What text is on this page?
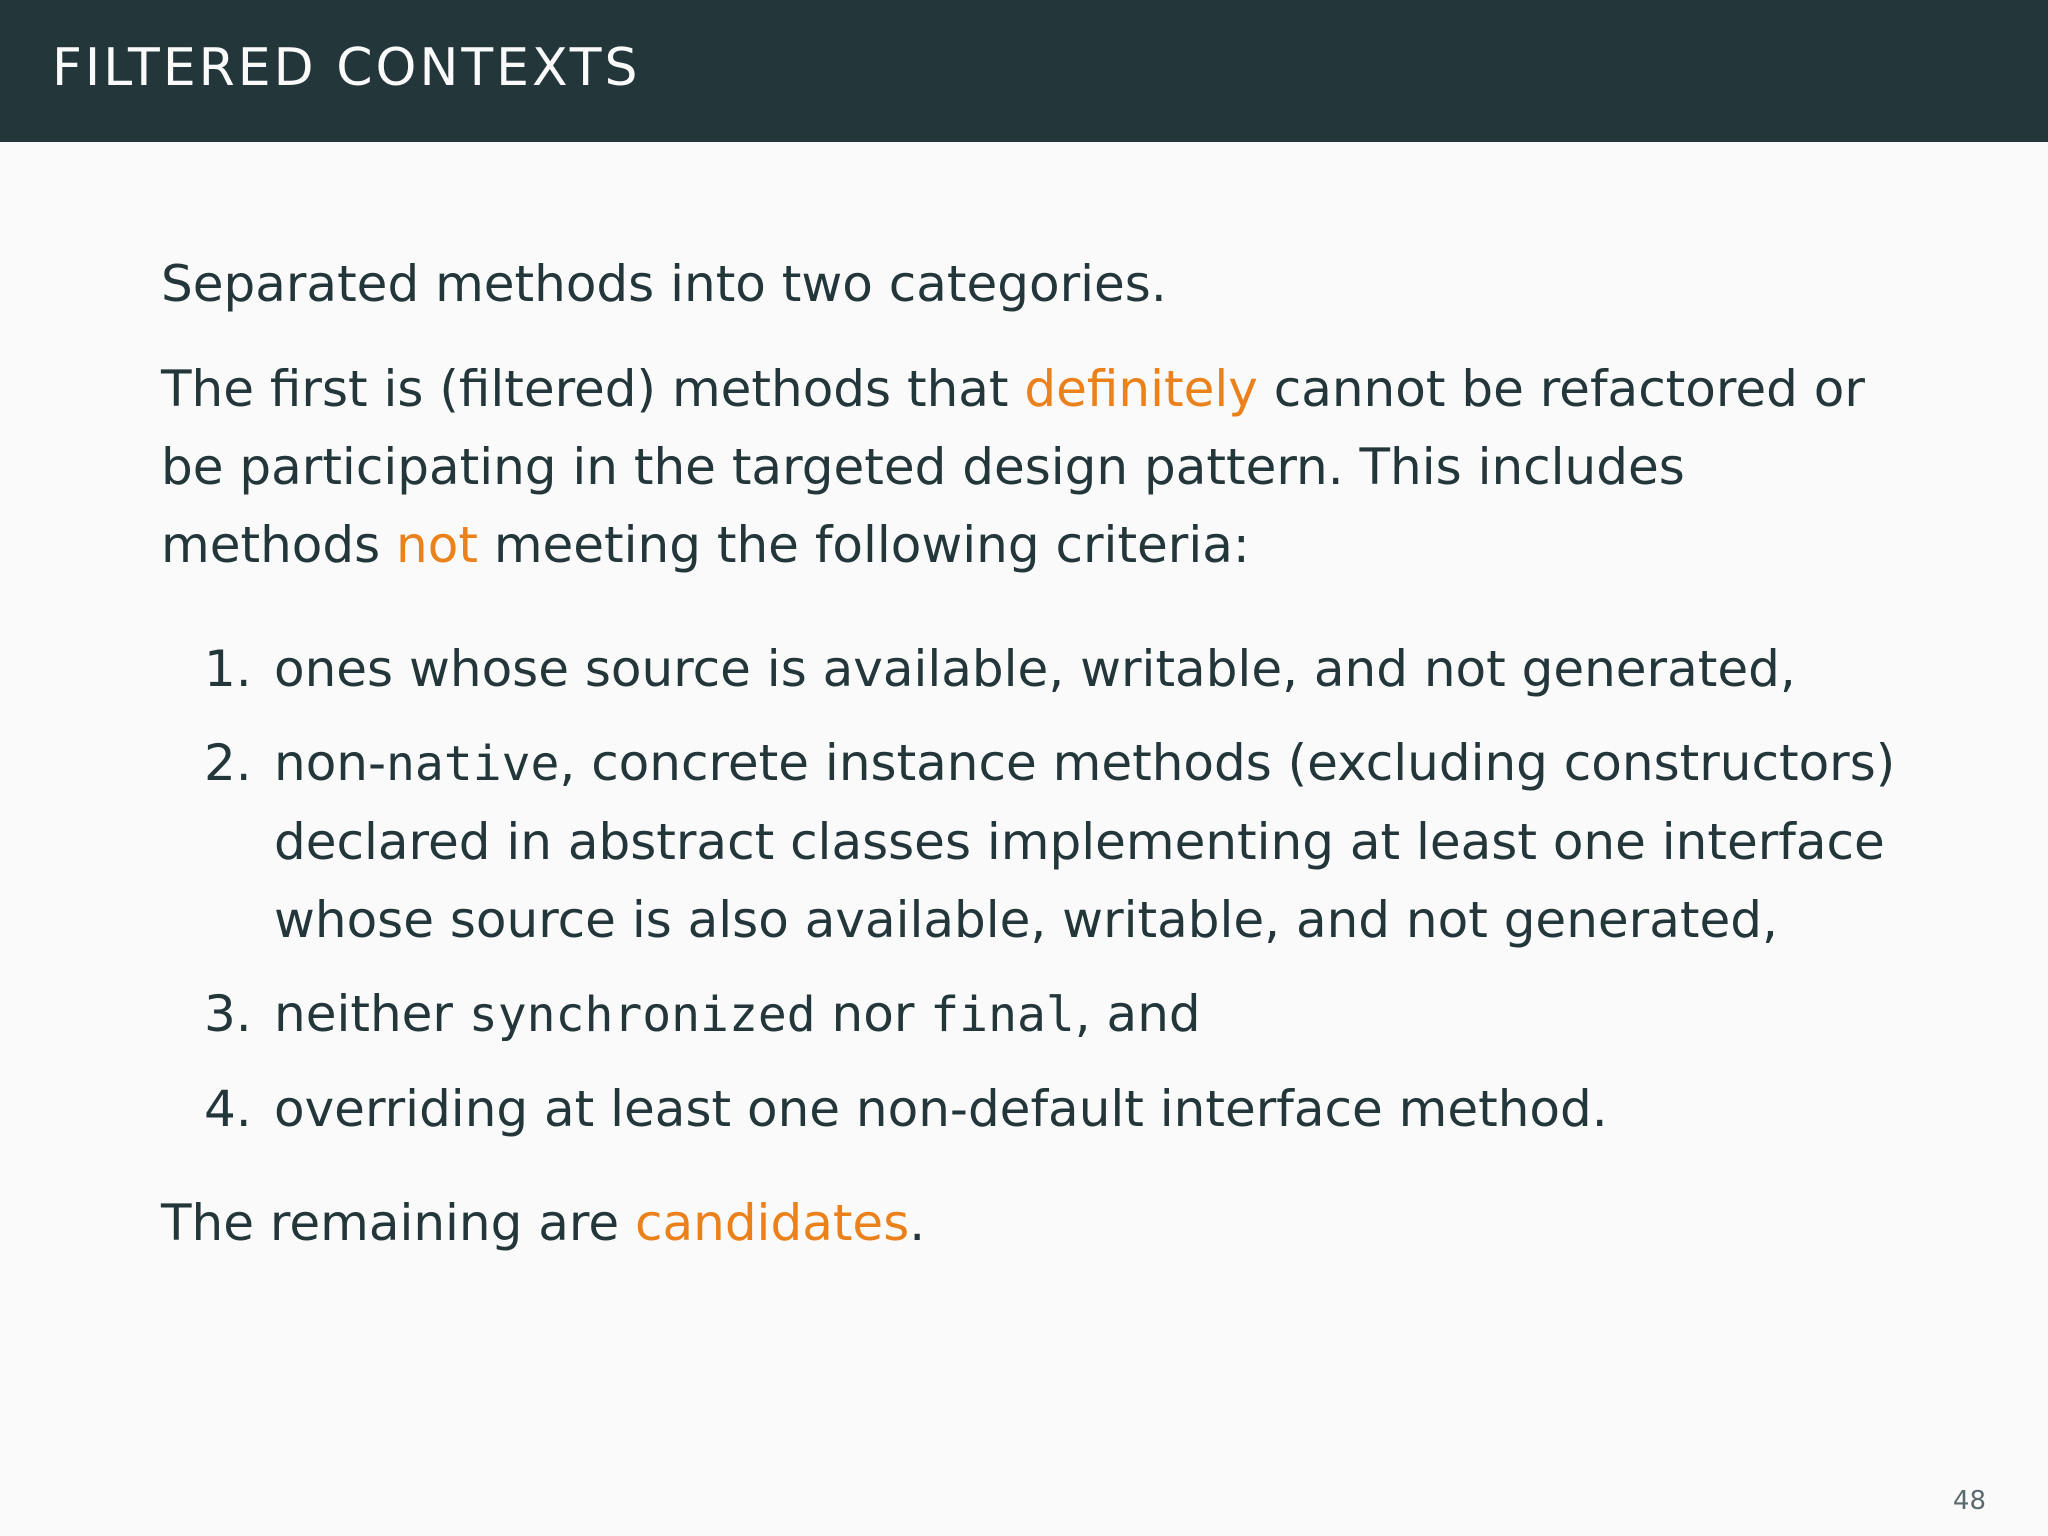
FILTERED CONTEXTS

Separated methods into two categories.

The first is (filtered) methods that definitely cannot be refactored or be participating in the targeted design pattern. This includes methods not meeting the following criteria:

1. ones whose source is available, writable, and not generated,
2. non-native, concrete instance methods (excluding constructors) declared in abstract classes implementing at least one interface whose source is also available, writable, and not generated,
3. neither synchronized nor final, and
4. overriding at least one non-default interface method.

The remaining are candidates.

48
